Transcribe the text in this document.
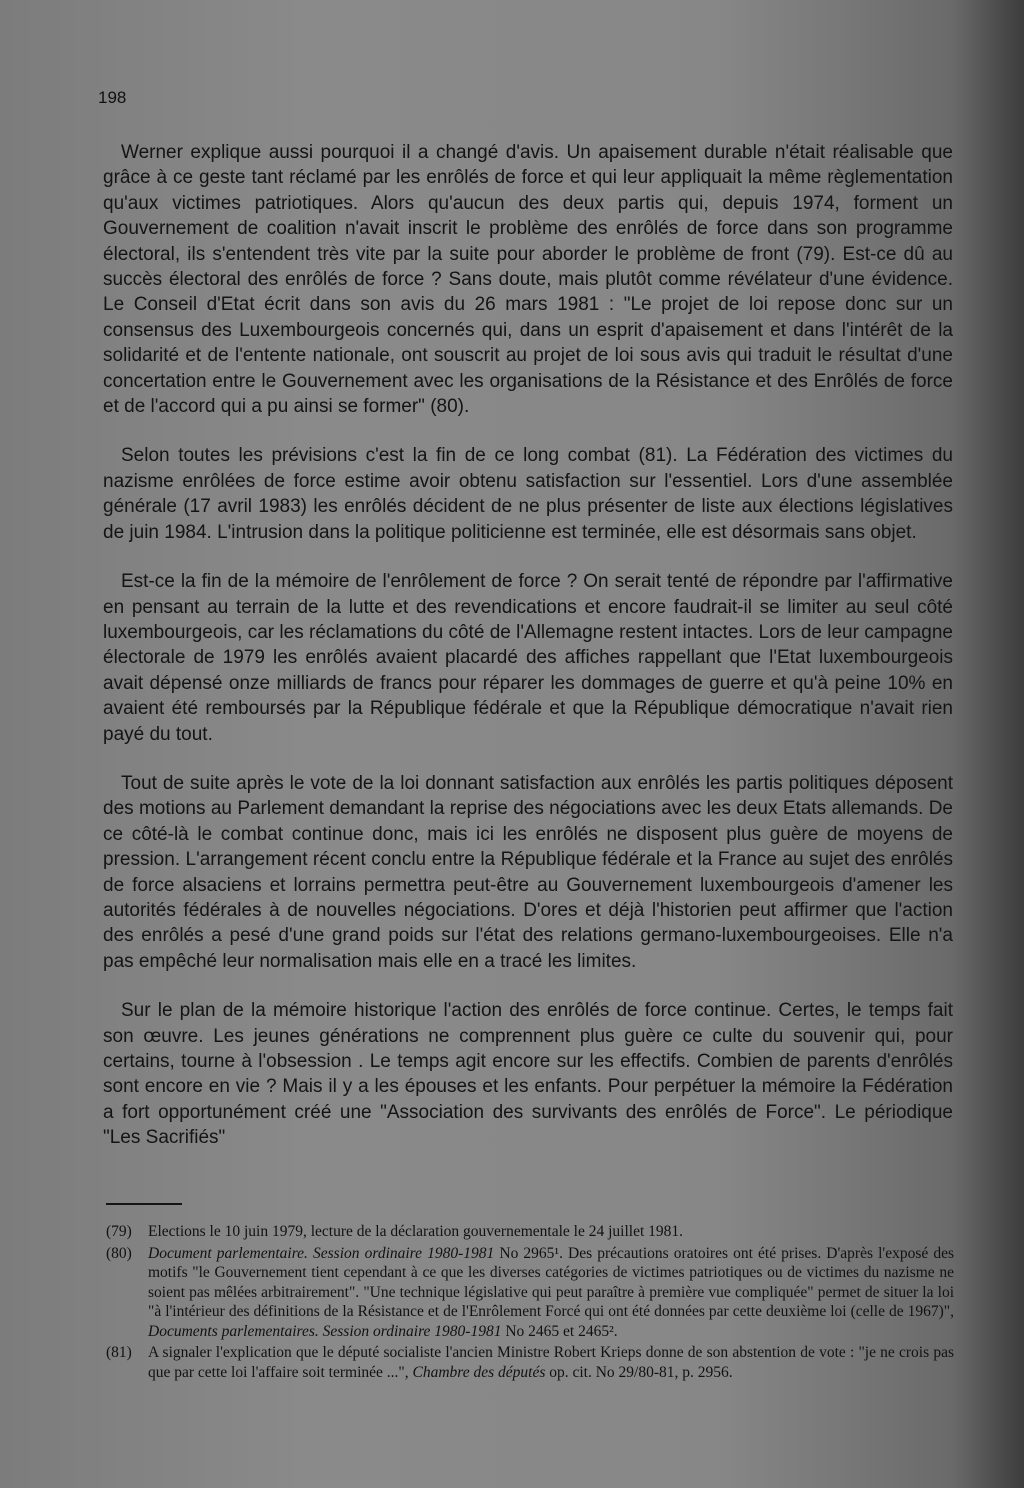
198

Werner explique aussi pourquoi il a changé d'avis. Un apaisement durable n'était réalisable que grâce à ce geste tant réclamé par les enrôlés de force et qui leur appliquait la même règlementation qu'aux victimes patriotiques. Alors qu'aucun des deux partis qui, depuis 1974, forment un Gouvernement de coalition n'avait inscrit le problème des enrôlés de force dans son programme électoral, ils s'entendent très vite par la suite pour aborder le problème de front (79). Est-ce dû au succès électoral des enrôlés de force ? Sans doute, mais plutôt comme révélateur d'une évidence. Le Conseil d'Etat écrit dans son avis du 26 mars 1981 : "Le projet de loi repose donc sur un consensus des Luxembourgeois concernés qui, dans un esprit d'apaisement et dans l'intérêt de la solidarité et de l'entente nationale, ont souscrit au projet de loi sous avis qui traduit le résultat d'une concertation entre le Gouvernement avec les organisations de la Résistance et des Enrôlés de force et de l'accord qui a pu ainsi se former" (80).

Selon toutes les prévisions c'est la fin de ce long combat (81). La Fédération des victimes du nazisme enrôlées de force estime avoir obtenu satisfaction sur l'essentiel. Lors d'une assemblée générale (17 avril 1983) les enrôlés décident de ne plus présenter de liste aux élections législatives de juin 1984. L'intrusion dans la politique politicienne est terminée, elle est désormais sans objet.

Est-ce la fin de la mémoire de l'enrôlement de force ? On serait tenté de répondre par l'affirmative en pensant au terrain de la lutte et des revendications et encore faudrait-il se limiter au seul côté luxembourgeois, car les réclamations du côté de l'Allemagne restent intactes. Lors de leur campagne électorale de 1979 les enrôlés avaient placardé des affiches rappellant que l'Etat luxembourgeois avait dépensé onze milliards de francs pour réparer les dommages de guerre et qu'à peine 10% en avaient été remboursés par la République fédérale et que la République démocratique n'avait rien payé du tout.

Tout de suite après le vote de la loi donnant satisfaction aux enrôlés les partis politiques déposent des motions au Parlement demandant la reprise des négociations avec les deux Etats allemands. De ce côté-là le combat continue donc, mais ici les enrôlés ne disposent plus guère de moyens de pression. L'arrangement récent conclu entre la République fédérale et la France au sujet des enrôlés de force alsaciens et lorrains permettra peut-être au Gouvernement luxembourgeois d'amener les autorités fédérales à de nouvelles négociations. D'ores et déjà l'historien peut affirmer que l'action des enrôlés a pesé d'une grand poids sur l'état des relations germano-luxembourgeoises. Elle n'a pas empêché leur normalisation mais elle en a tracé les limites.

Sur le plan de la mémoire historique l'action des enrôlés de force continue. Certes, le temps fait son œuvre. Les jeunes générations ne comprennent plus guère ce culte du souvenir qui, pour certains, tourne à l'obsession . Le temps agit encore sur les effectifs. Combien de parents d'enrôlés sont encore en vie ? Mais il y a les épouses et les enfants. Pour perpétuer la mémoire la Fédération a fort opportunément créé une "Association des survivants des enrôlés de Force". Le périodique "Les Sacrifiés"

(79)	Elections le 10 juin 1979, lecture de la déclaration gouvernementale le 24 juillet 1981.
(80)	Document parlementaire. Session ordinaire 1980-1981 No 2965¹. Des précautions oratoires ont été prises. D'après l'exposé des motifs "le Gouvernement tient cependant à ce que les diverses catégories de victimes patriotiques ou de victimes du nazisme ne soient pas mêlées arbitrairement". "Une technique législative qui peut paraître à première vue compliquée" permet de situer la loi "à l'intérieur des définitions de la Résistance et de l'Enrôlement Forcé qui ont été données par cette deuxième loi (celle de 1967)", Documents parlementaires. Session ordinaire 1980-1981 No 2465 et 2465².
(81)	A signaler l'explication que le député socialiste l'ancien Ministre Robert Krieps donne de son abstention de vote : "je ne crois pas que par cette loi l'affaire soit terminée ...", Chambre des députés op. cit. No 29/80-81, p. 2956.
